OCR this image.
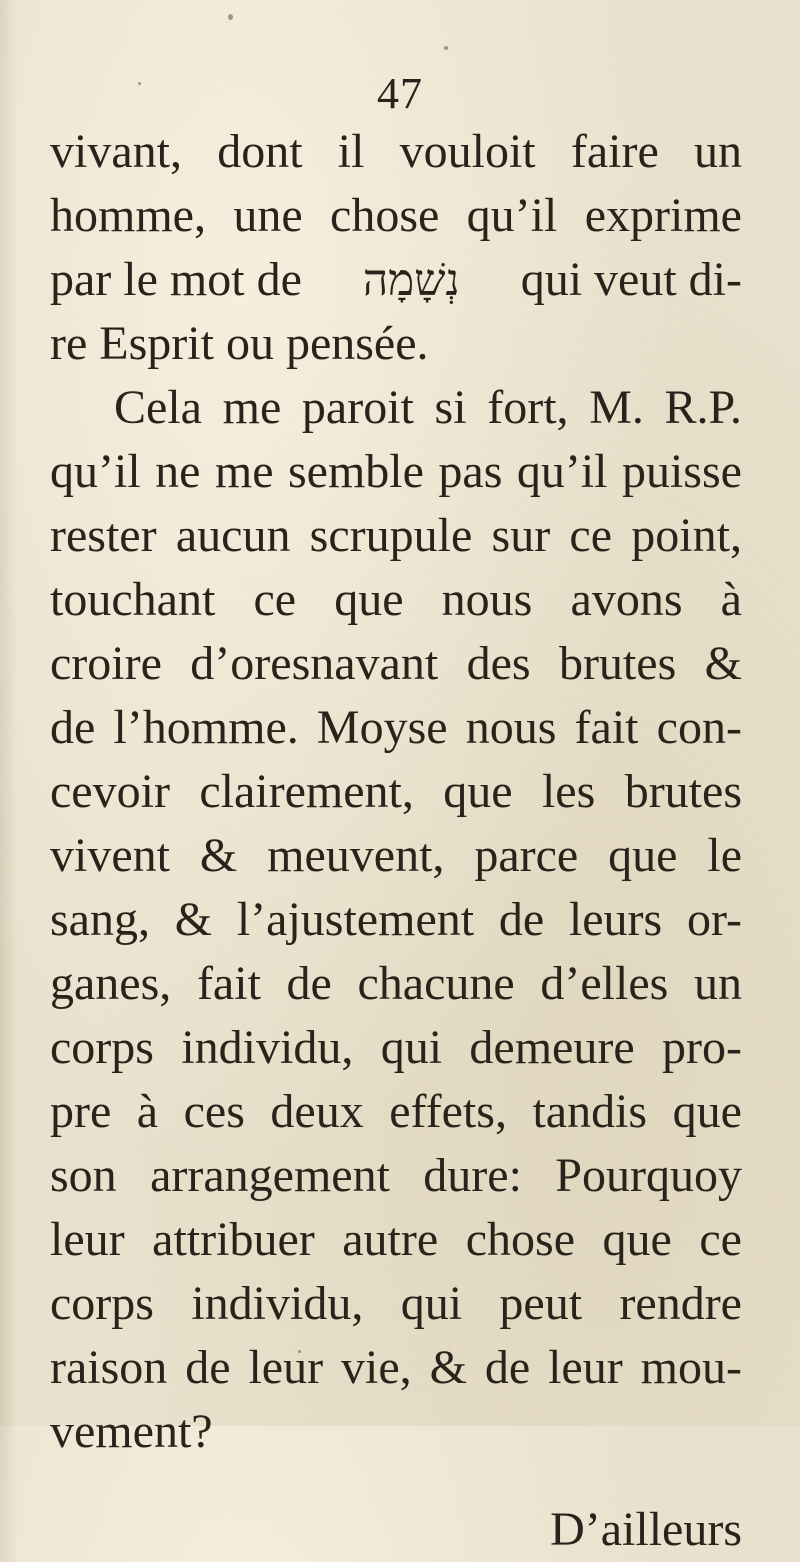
47
vivant, dont il vouloit faire un
homme, une chose qu’il exprime
par le mot de נְשָׁמָה qui veut di-
re Esprit ou pensée.
Cela me paroit si fort, M. R.P.
qu’il ne me semble pas qu’il puisse
rester aucun scrupule sur ce point,
touchant ce que nous avons à
croire d’oresnavant des brutes &
de l’homme. Moyse nous fait con-
cevoir clairement, que les brutes
vivent & meuvent, parce que le
sang, & l’ajustement de leurs or-
ganes, fait de chacune d’elles un
corps individu, qui demeure pro-
pre à ces deux effets, tandis que
son arrangement dure: Pourquoy
leur attribuer autre chose que ce
corps individu, qui peut rendre
raison de leur vie, & de leur mou-
vement?
D’ailleurs
